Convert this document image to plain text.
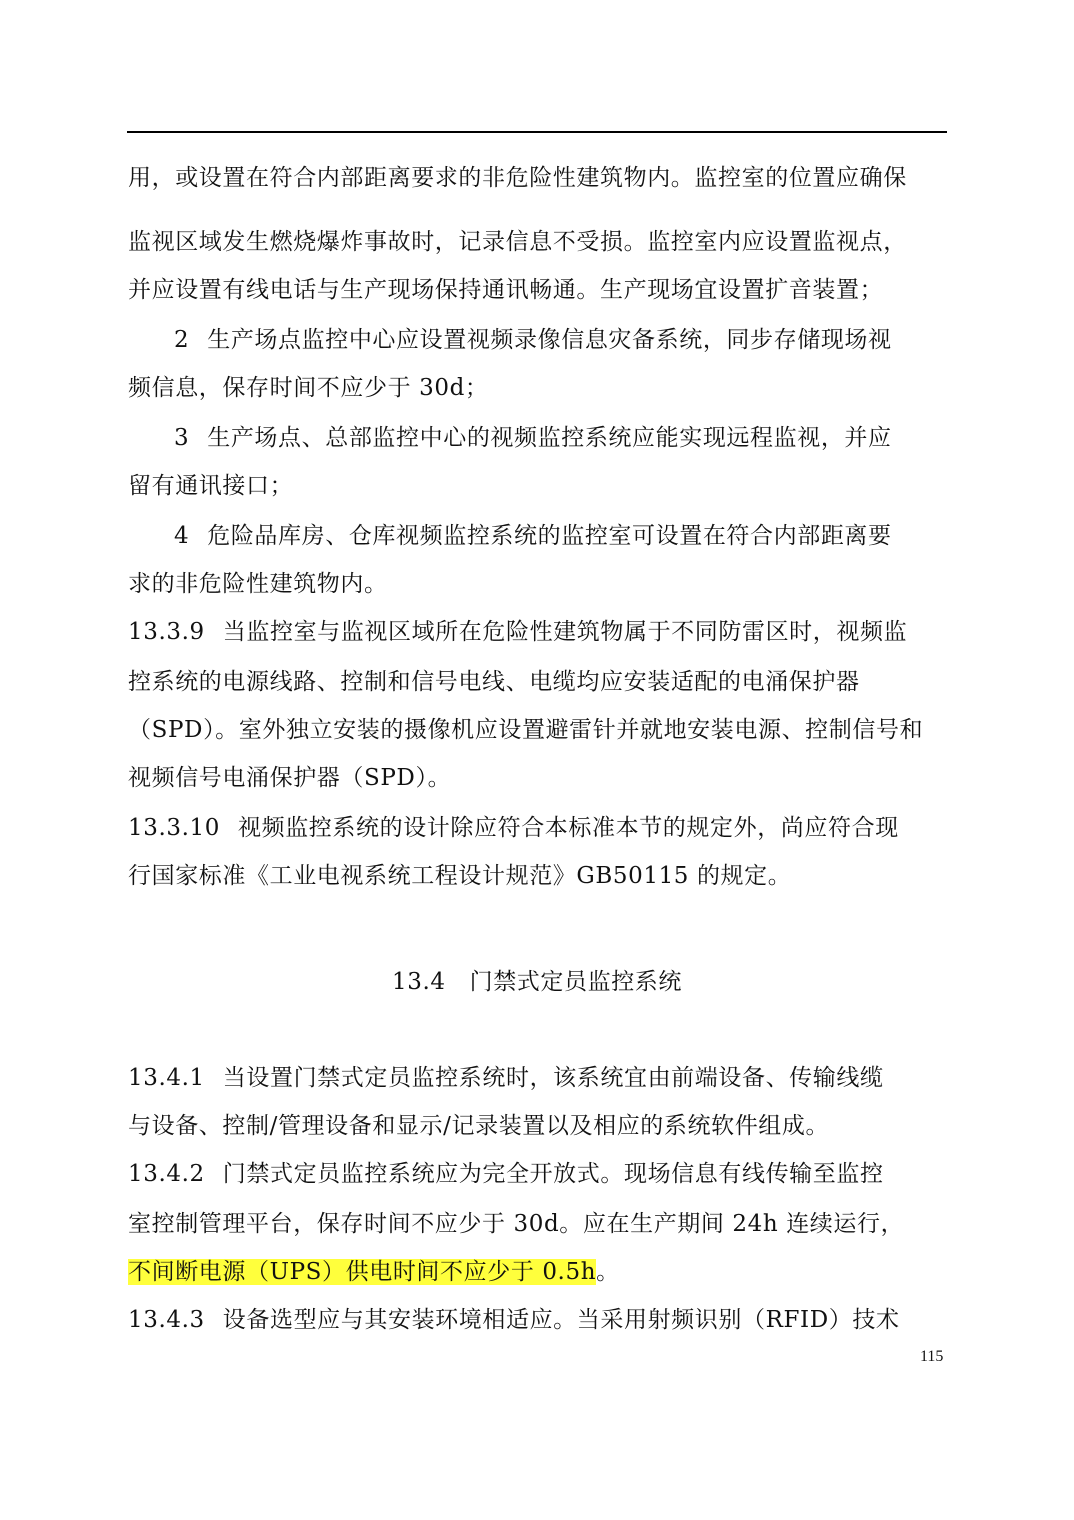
用，或设置在符合内部距离要求的非危险性建筑物内。监控室的位置应确保
监视区域发生燃烧爆炸事故时，记录信息不受损。监控室内应设置监视点，
并应设置有线电话与生产现场保持通讯畅通。生产现场宜设置扩音装置；
2 生产场点监控中心应设置视频录像信息灾备系统，同步存储现场视
频信息，保存时间不应少于 30d；
3 生产场点、总部监控中心的视频监控系统应能实现远程监视，并应
留有通讯接口；
4 危险品库房、仓库视频监控系统的监控室可设置在符合内部距离要
求的非危险性建筑物内。
13.3.9 当监控室与监视区域所在危险性建筑物属于不同防雷区时，视频监
控系统的电源线路、控制和信号电线、电缆均应安装适配的电涌保护器
（SPD）。室外独立安装的摄像机应设置避雷针并就地安装电源、控制信号和
视频信号电涌保护器（SPD）。
13.3.10 视频监控系统的设计除应符合本标准本节的规定外，尚应符合现
行国家标准《工业电视系统工程设计规范》GB50115 的规定。
13.4 门禁式定员监控系统
13.4.1 当设置门禁式定员监控系统时，该系统宜由前端设备、传输线缆
与设备、控制/管理设备和显示/记录装置以及相应的系统软件组成。
13.4.2 门禁式定员监控系统应为完全开放式。现场信息有线传输至监控
室控制管理平台，保存时间不应少于 30d。应在生产期间 24h 连续运行，
不间断电源（UPS）供电时间不应少于 0.5h。
13.4.3 设备选型应与其安装环境相适应。当采用射频识别（RFID）技术
115
